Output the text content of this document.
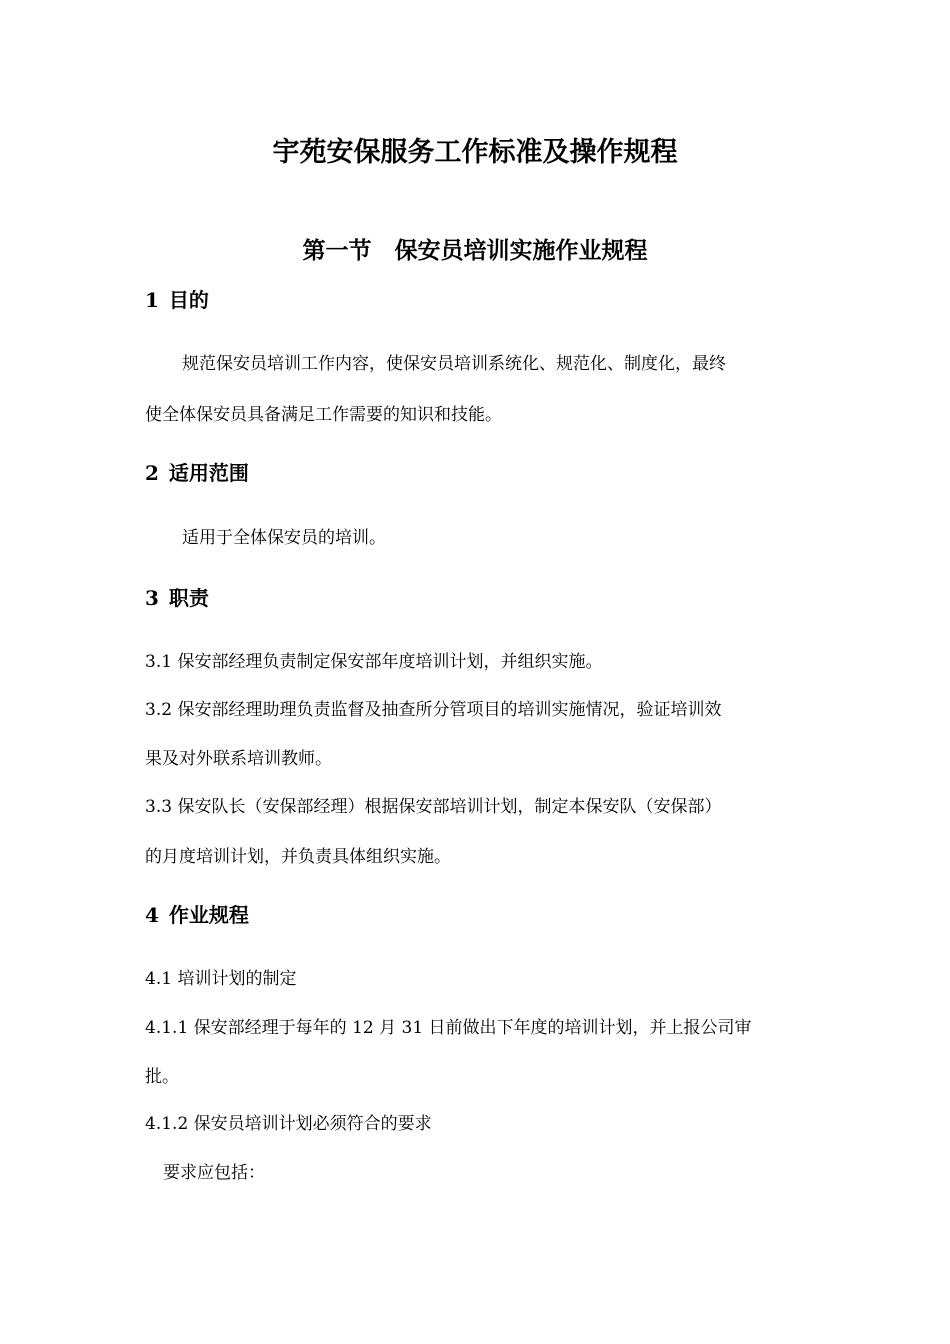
宇苑安保服务工作标准及操作规程
第一节　保安员培训实施作业规程
1 目的
规范保安员培训工作内容，使保安员培训系统化、规范化、制度化，最终
使全体保安员具备满足工作需要的知识和技能。
2 适用范围
适用于全体保安员的培训。
3 职责
3.1 保安部经理负责制定保安部年度培训计划，并组织实施。
3.2 保安部经理助理负责监督及抽查所分管项目的培训实施情况，验证培训效
果及对外联系培训教师。
3.3 保安队长（安保部经理）根据保安部培训计划，制定本保安队（安保部）
的月度培训计划，并负责具体组织实施。
4 作业规程
4.1 培训计划的制定
4.1.1 保安部经理于每年的 12 月 31 日前做出下年度的培训计划，并上报公司审
批。
4.1.2 保安员培训计划必须符合的要求
要求应包括：
